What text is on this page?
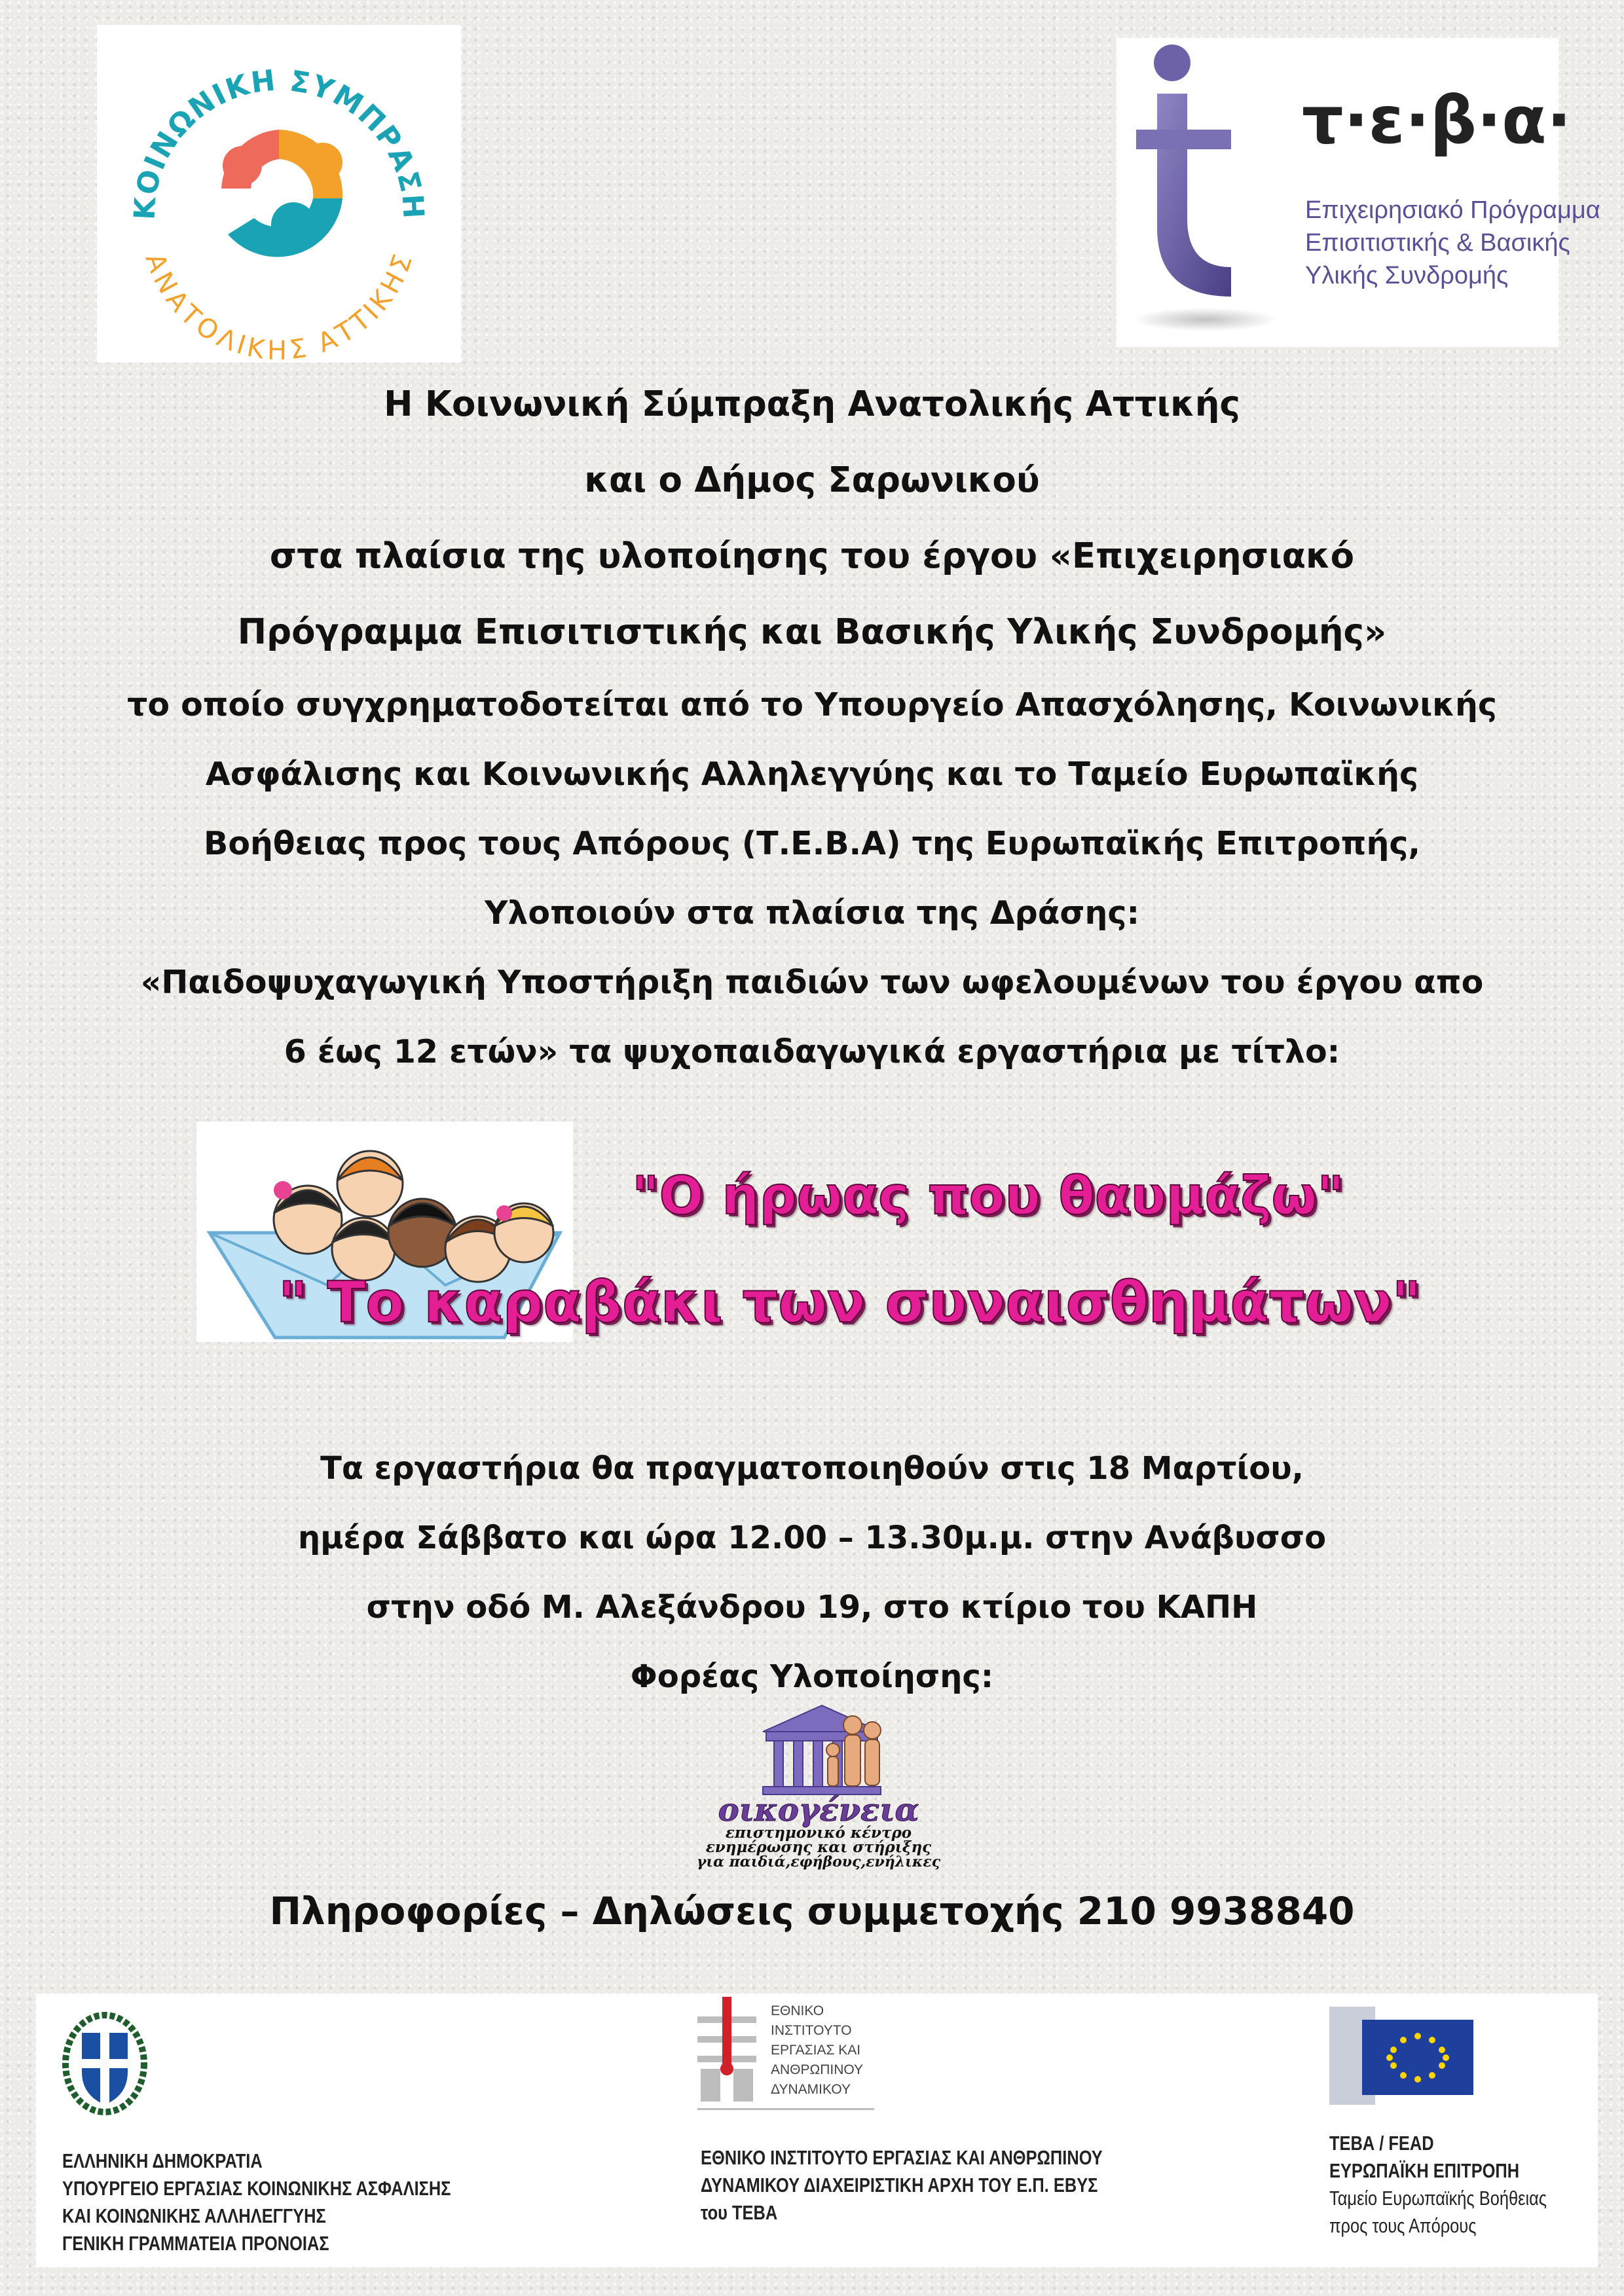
ΚΟΙΝΩΝΙΚΗ ΣΥΜΠΡΑΣΗ
ΑΝΑΤΟΛΙΚΗΣ ΑΤΤΙΚΗΣ
τ·ε·β·α·
Επιχειρησιακό Πρόγραμμα
Επισιτιστικής & Βασικής
Υλικής Συνδρομής
Η Κοινωνική Σύμπραξη Ανατολικής Αττικής
και ο Δήμος Σαρωνικού
στα πλαίσια της υλοποίησης του έργου «Επιχειρησιακό
Πρόγραμμα Επισιτιστικής και Βασικής Υλικής Συνδρομής»
το οποίο συγχρηματοδοτείται από το Υπουργείο Απασχόλησης, Κοινωνικής
Ασφάλισης και Κοινωνικής Αλληλεγγύης και το Ταμείο Ευρωπαϊκής
Βοήθειας προς τους Απόρους (Τ.Ε.Β.Α) της Ευρωπαϊκής Επιτροπής,
Υλοποιούν στα πλαίσια της Δράσης:
«Παιδοψυχαγωγική Υποστήριξη παιδιών των ωφελουμένων του έργου απο
6 έως 12 ετών» τα ψυχοπαιδαγωγικά εργαστήρια με τίτλο:
"Ο ήρωας που θαυμάζω"
" Το καραβάκι των συναισθημάτων"
Τα εργαστήρια θα πραγματοποιηθούν στις 18 Μαρτίου,
ημέρα Σάββατο και ώρα 12.00 – 13.30μ.μ. στην Ανάβυσσο
στην οδό Μ. Αλεξάνδρου 19, στο κτίριο του ΚΑΠΗ
Φορέας Υλοποίησης:
οικογένεια
επιστημονικό κέντρο
ενημέρωσης και στήριξης
για παιδιά,εφήβους,ενήλικες
Πληροφορίες – Δηλώσεις συμμετοχής 210 9938840
ΕΛΛΗΝΙΚΗ ΔΗΜΟΚΡΑΤΙΑ
ΥΠΟΥΡΓΕΙΟ ΕΡΓΑΣΙΑΣ ΚΟΙΝΩΝΙΚΗΣ ΑΣΦΑΛΙΣΗΣ
ΚΑΙ ΚΟΙΝΩΝΙΚΗΣ ΑΛΛΗΛΕΓΓΥΗΣ
ΓΕΝΙΚΗ ΓΡΑΜΜΑΤΕΙΑ ΠΡΟΝΟΙΑΣ
ΕΘΝΙΚΟ
ΙΝΣΤΙΤΟΥΤΟ
ΕΡΓΑΣΙΑΣ ΚΑΙ
ΑΝΘΡΩΠΙΝΟΥ
ΔΥΝΑΜΙΚΟΥ
ΕΘΝΙΚΟ ΙΝΣΤΙΤΟΥΤΟ ΕΡΓΑΣΙΑΣ ΚΑΙ ΑΝΘΡΩΠΙΝΟΥ
ΔΥΝΑΜΙΚΟΥ ΔΙΑΧΕΙΡΙΣΤΙΚΗ ΑΡΧΗ ΤΟΥ Ε.Π. ΕΒΥΣ
του ΤΕΒΑ
ΤΕΒΑ / FEAD
ΕΥΡΩΠΑΪΚΗ ΕΠΙΤΡΟΠΗ
Ταμείο Ευρωπαϊκής Βοήθειας
προς τους Απόρους
